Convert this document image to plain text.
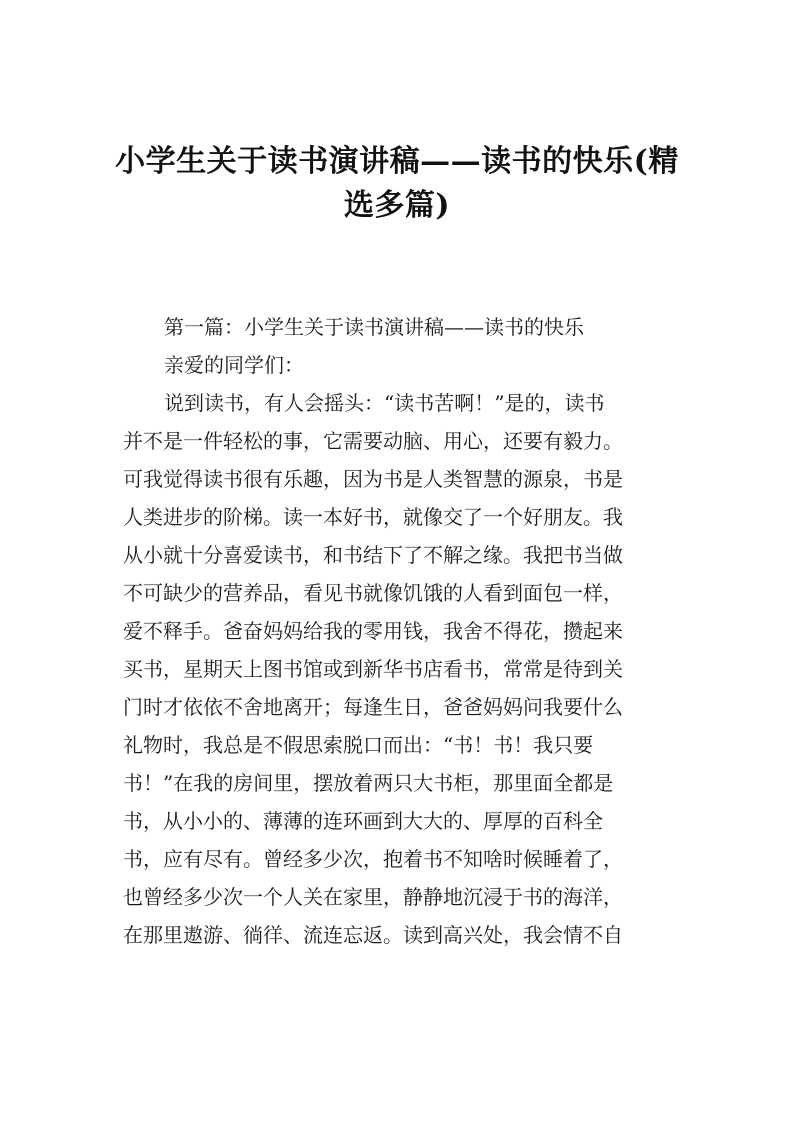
小学生关于读书演讲稿——读书的快乐(精
选多篇)
第一篇：小学生关于读书演讲稿——读书的快乐
亲爱的同学们：
说到读书，有人会摇头：“读书苦啊！”是的，读书
并不是一件轻松的事，它需要动脑、用心，还要有毅力。
可我觉得读书很有乐趣，因为书是人类智慧的源泉，书是
人类进步的阶梯。读一本好书，就像交了一个好朋友。我
从小就十分喜爱读书，和书结下了不解之缘。我把书当做
不可缺少的营养品，看见书就像饥饿的人看到面包一样，
爱不释手。爸奋妈妈给我的零用钱，我舍不得花，攒起来
买书，星期天上图书馆或到新华书店看书，常常是待到关
门时才依依不舍地离开；每逢生日，爸爸妈妈问我要什么
礼物时，我总是不假思索脱口而出：“书！书！我只要
书！”在我的房间里，摆放着两只大书柜，那里面全都是
书，从小小的、薄薄的连环画到大大的、厚厚的百科全
书，应有尽有。曾经多少次，抱着书不知啥时候睡着了，
也曾经多少次一个人关在家里，静静地沉浸于书的海洋，
在那里遨游、徜徉、流连忘返。读到高兴处，我会情不自
